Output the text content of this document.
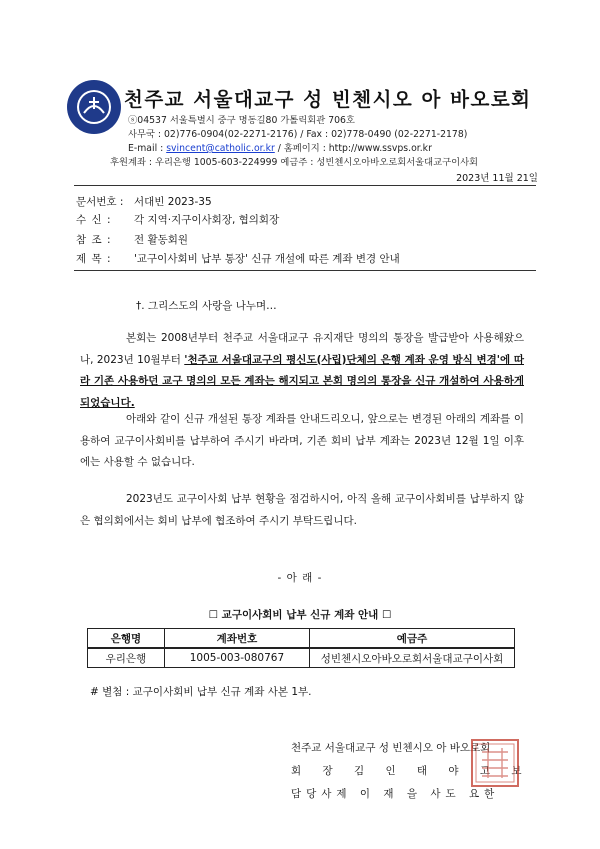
천주교 서울대교구 성 빈첸시오 아 바오로회
ⓢ04537 서울특별시 중구 명동길80 가톨릭회관 706호
사무국 : 02)776-0904(02-2271-2176) / Fax : 02)778-0490 (02-2271-2178)
E-mail : svincent@catholic.or.kr / 홈페이지 : http://www.ssvps.or.kr
후원계좌 : 우리은행 1005-603-224999 예금주 : 성빈첸시오아바오로회서울대교구이사회
2023년 11월 21일
문서번호 : 서대빈 2023-35
수 신 : 각 지역·지구이사회장, 협의회장
참 조 : 전 활동회원
제 목 : '교구이사회비 납부 통장' 신규 개설에 따른 계좌 변경 안내
†. 그리스도의 사랑을 나누며…

본회는 2008년부터 천주교 서울대교구 유지재단 명의의 통장을 발급받아 사용해왔으나, 2023년 10월부터 '천주교 서울대교구의 평신도(사립)단체의 은행 계좌 운영 방식 변경'에 따라 기존 사용하던 교구 명의의 모든 계좌는 해지되고 본회 명의의 통장을 신규 개설하여 사용하게 되었습니다.

아래와 같이 신규 개설된 통장 계좌를 안내드리오니, 앞으로는 변경된 아래의 계좌를 이용하여 교구이사회비를 납부하여 주시기 바라며, 기존 회비 납부 계좌는 2023년 12월 1일 이후에는 사용할 수 없습니다.

2023년도 교구이사회 납부 현황을 점검하시어, 아직 올해 교구이사회비를 납부하지 않은 협의회에서는 회비 납부에 협조하여 주시기 부탁드립니다.

- 아 래 -
☐ 교구이사회비 납부 신규 계좌 안내 ☐
은행명	계좌번호	예금주
우리은행	1005-003-080767	성빈첸시오아바오로회서울대교구이사회
# 별첨 : 교구이사회비 납부 신규 계좌 사본 1부.
천주교 서울대교구 성 빈첸시오 아 바오로회
회 장 김 인 태 야 고 보
담당사제 이 재 을 사도 요한
